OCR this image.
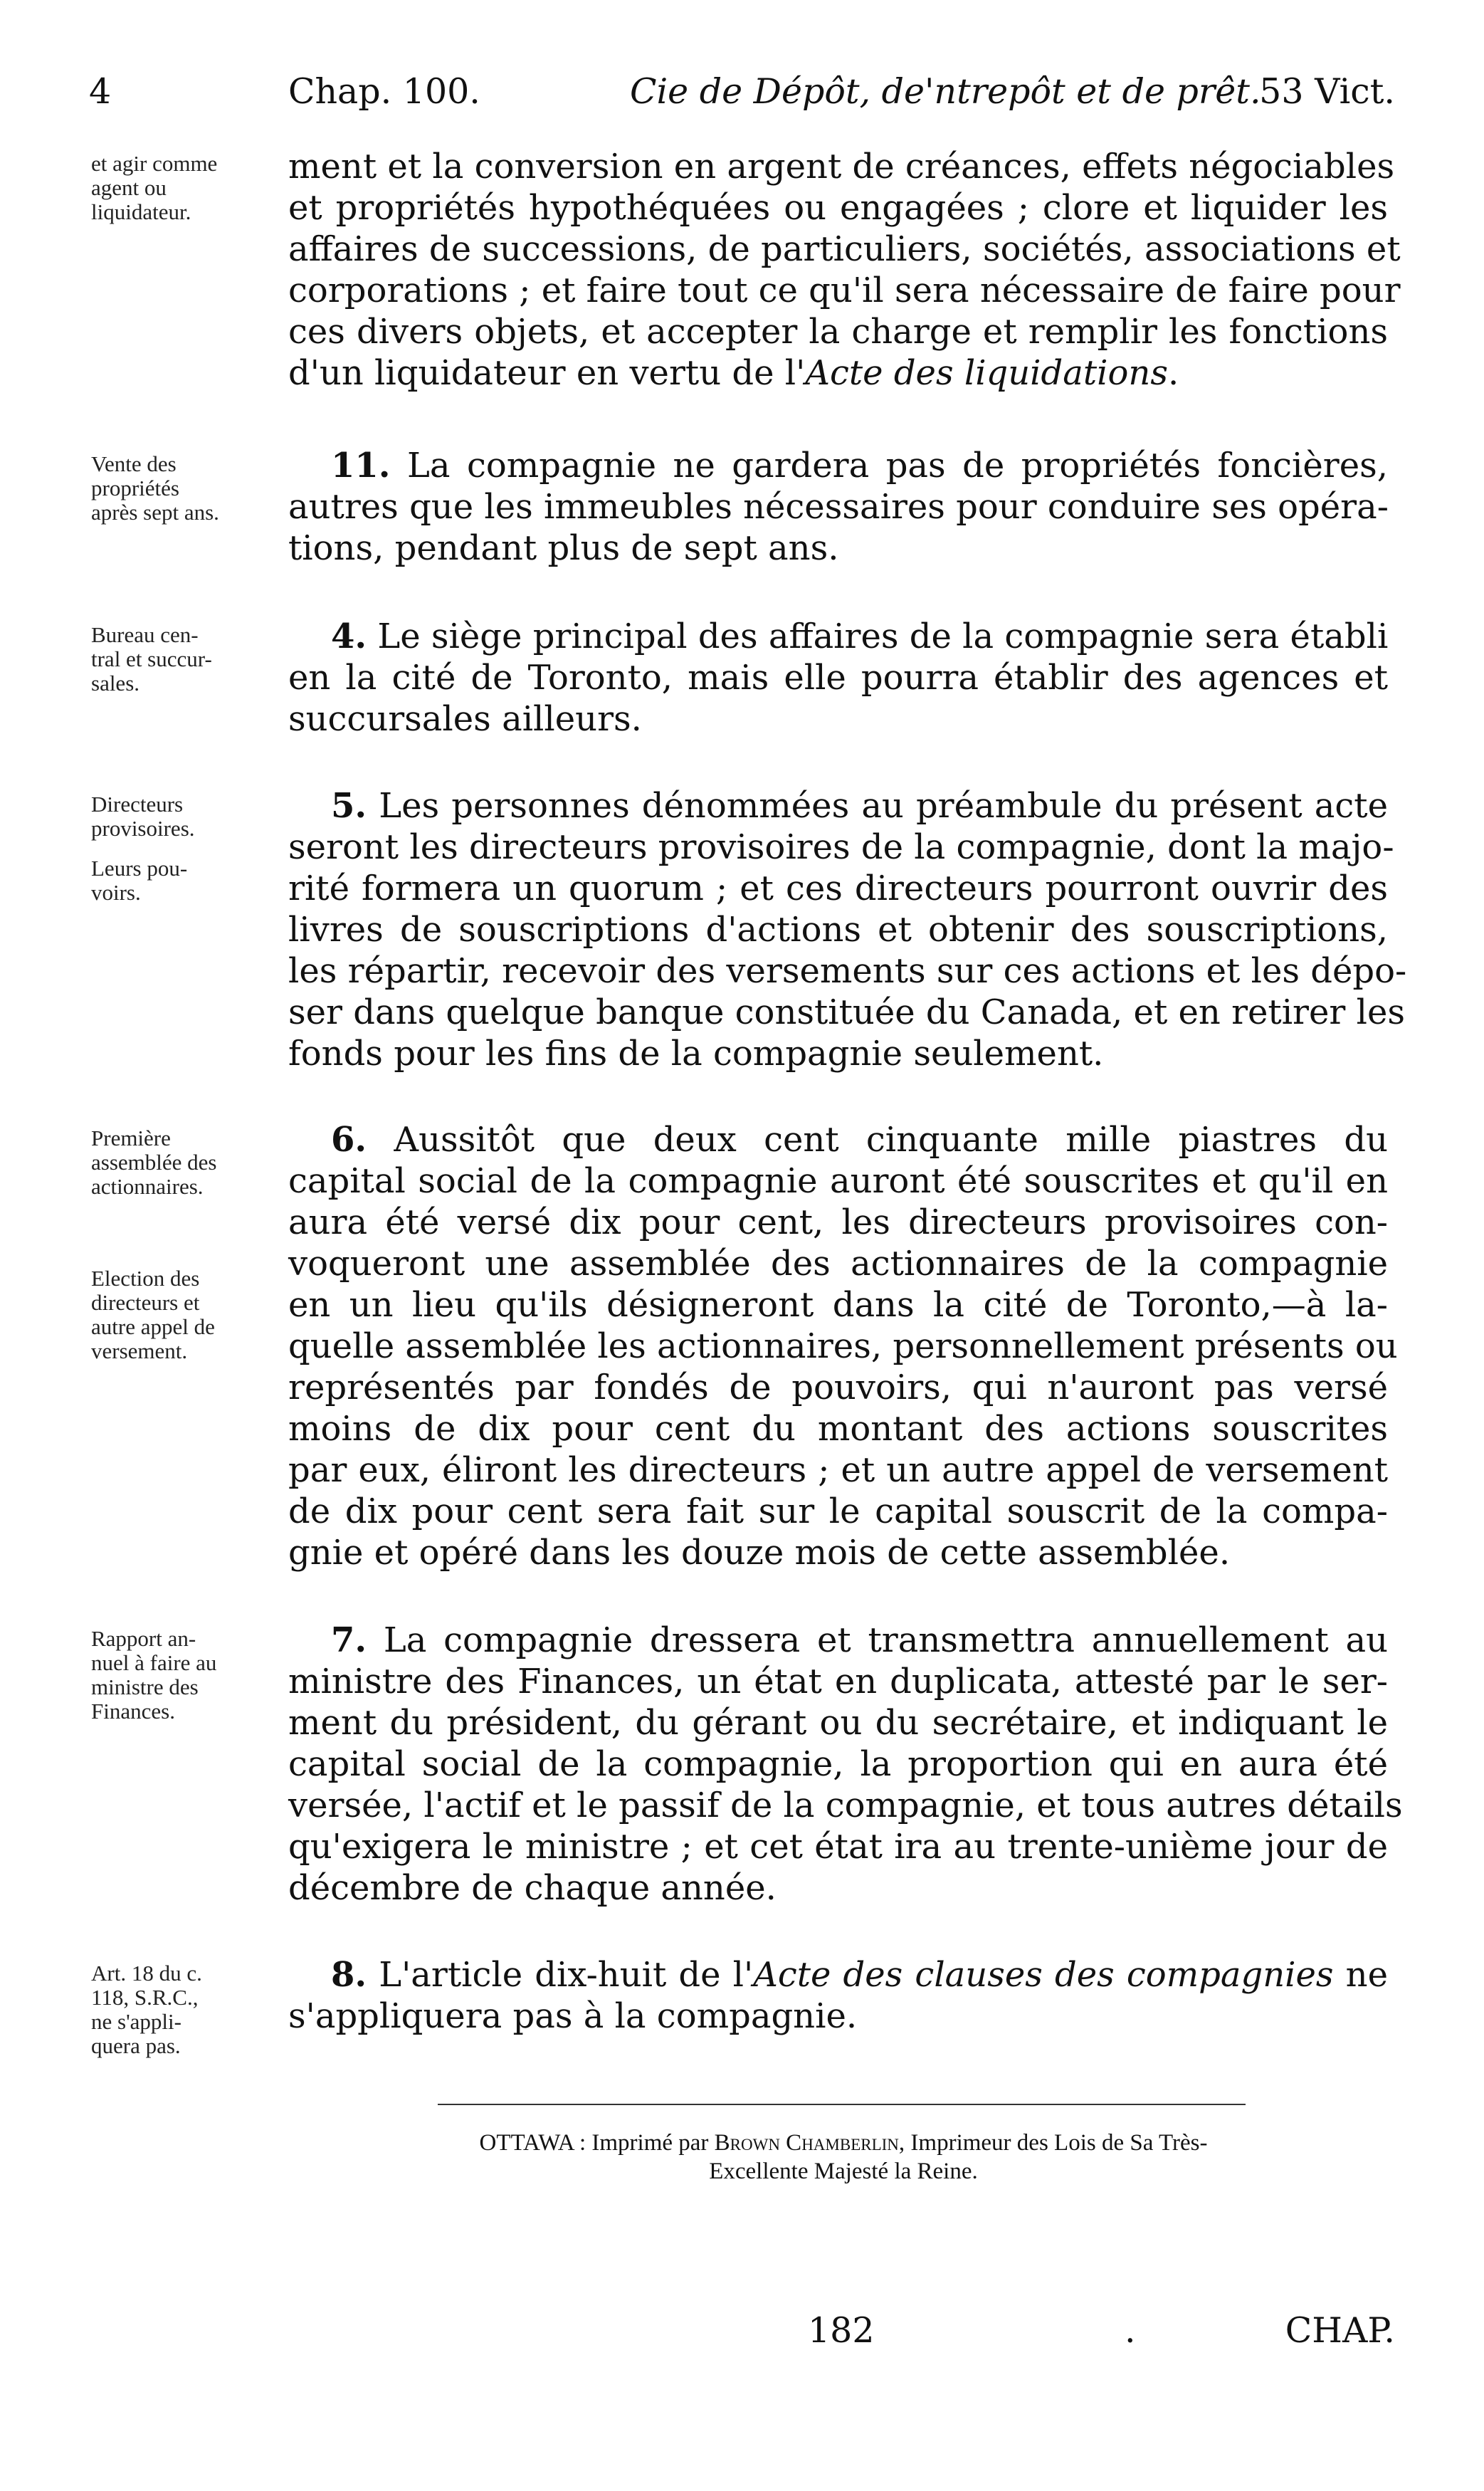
4	Chap. 100.	Cie de Dépôt, de'ntrepôt et de prêt.
53 Vict.
et agir comme
agent ou
liquidateur.
ment et la conversion en argent de créances, effets négociables
et propriétés hypothéquées ou engagées ; clore et liquider les
affaires de successions, de particuliers, sociétés, associations et
corporations ; et faire tout ce qu'il sera nécessaire de faire pour
ces divers objets, et accepter la charge et remplir les fonctions
d'un liquidateur en vertu de l'Acte des liquidations.
Vente des
propriétés
après sept ans.
11. La compagnie ne gardera pas de propriétés foncières,
autres que les immeubles nécessaires pour conduire ses opéra-
tions, pendant plus de sept ans.
Bureau cen-
tral et succur-
sales.
4. Le siège principal des affaires de la compagnie sera établi
en la cité de Toronto, mais elle pourra établir des agences et
succursales ailleurs.
Directeurs
provisoires.
Leurs pou-
voirs.
5. Les personnes dénommées au préambule du présent acte
seront les directeurs provisoires de la compagnie, dont la majo-
rité formera un quorum ; et ces directeurs pourront ouvrir des
livres de souscriptions d'actions et obtenir des souscriptions,
les répartir, recevoir des versements sur ces actions et les dépo-
ser dans quelque banque constituée du Canada, et en retirer les
fonds pour les fins de la compagnie seulement.
Première
assemblée des
actionnaires.
Election des
directeurs et
autre appel de
versement.
6. Aussitôt que deux cent cinquante mille piastres du
capital social de la compagnie auront été souscrites et qu'il en
aura été versé dix pour cent, les directeurs provisoires con-
voqueront une assemblée des actionnaires de la compagnie
en un lieu qu'ils désigneront dans la cité de Toronto,—à la-
quelle assemblée les actionnaires, personnellement présents ou
représentés par fondés de pouvoirs, qui n'auront pas versé
moins de dix pour cent du montant des actions souscrites
par eux, éliront les directeurs ; et un autre appel de versement
de dix pour cent sera fait sur le capital souscrit de la compa-
gnie et opéré dans les douze mois de cette assemblée.
Rapport an-
nuel à faire au
ministre des
Finances.
7. La compagnie dressera et transmettra annuellement au
ministre des Finances, un état en duplicata, attesté par le ser-
ment du président, du gérant ou du secrétaire, et indiquant le
capital social de la compagnie, la proportion qui en aura été
versée, l'actif et le passif de la compagnie, et tous autres détails
qu'exigera le ministre ; et cet état ira au trente-unième jour de
décembre de chaque année.
Art. 18 du c.
118, S.R.C.,
ne s'appli-
quera pas.
8. L'article dix-huit de l'Acte des clauses des compagnies ne
s'appliquera pas à la compagnie.
OTTAWA : Imprimé par Brown Chamberlin, Imprimeur des Lois de Sa Très-
Excellente Majesté la Reine.
182	.	CHAP.
